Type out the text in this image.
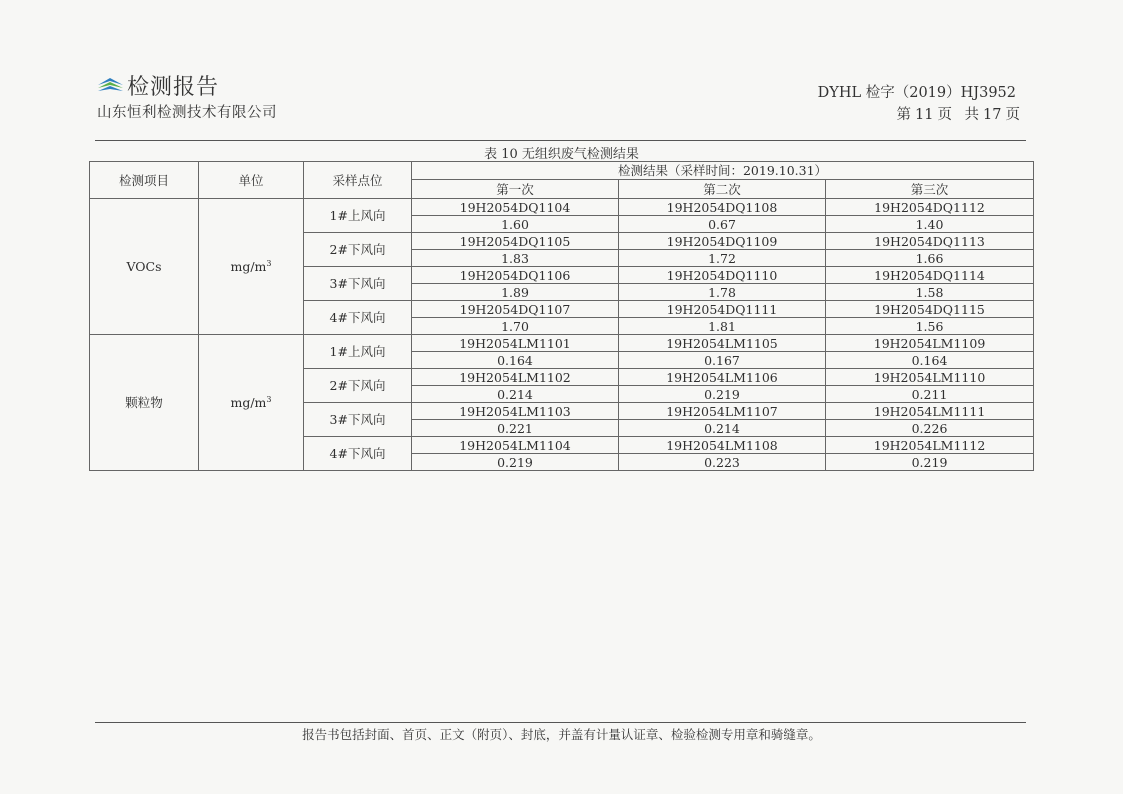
检测报告
山东恒利检测技术有限公司
DYHL 检字（2019）HJ3952
第 11 页 共 17 页
表 10 无组织废气检测结果
检测项目	单位	采样点位	检测结果（采样时间：2019.10.31）		
			第一次	第二次	第三次
VOCs	$mg/m^3$	1#上风向	19H2054DQ1104	19H2054DQ1108	19H2054DQ1112
			1.60	0.67	1.40
		2#下风向	19H2054DQ1105	19H2054DQ1109	19H2054DQ1113
			1.83	1.72	1.66
		3#下风向	19H2054DQ1106	19H2054DQ1110	19H2054DQ1114
			1.89	1.78	1.58
		4#下风向	19H2054DQ1107	19H2054DQ1111	19H2054DQ1115
			1.70	1.81	1.56
颗粒物	$mg/m^3$	1#上风向	19H2054LM1101	19H2054LM1105	19H2054LM1109
			0.164	0.167	0.164
		2#下风向	19H2054LM1102	19H2054LM1106	19H2054LM1110
			0.214	0.219	0.211
		3#下风向	19H2054LM1103	19H2054LM1107	19H2054LM1111
			0.221	0.214	0.226
		4#下风向	19H2054LM1104	19H2054LM1108	19H2054LM1112
			0.219	0.223	0.219
报告书包括封面、首页、正文（附页）、封底，并盖有计量认证章、检验检测专用章和骑缝章。
